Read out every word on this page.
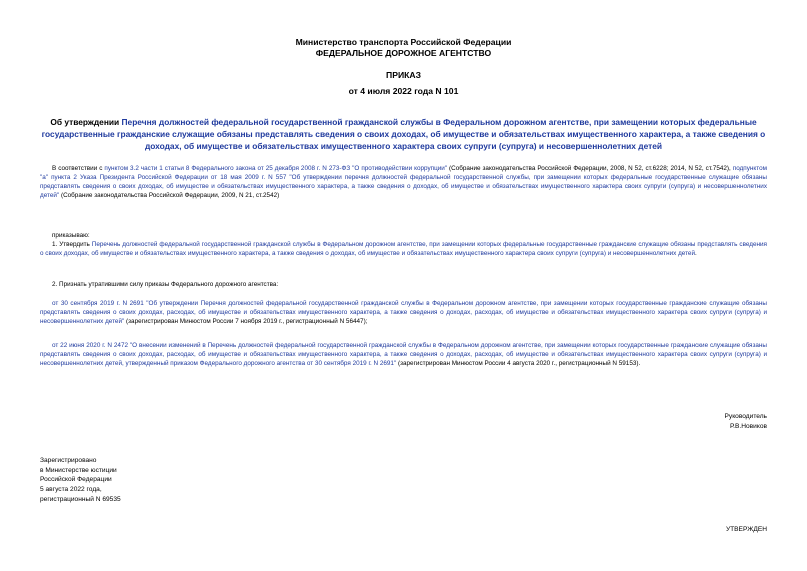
Министерство транспорта Российской Федерации
ФЕДЕРАЛЬНОЕ ДОРОЖНОЕ АГЕНТСТВО
ПРИКАЗ
от 4 июля 2022 года N 101
Об утверждении Перечня должностей федеральной государственной гражданской службы в Федеральном дорожном агентстве, при замещении которых федеральные государственные гражданские служащие обязаны представлять сведения о своих доходах, об имуществе и обязательствах имущественного характера, а также сведения о доходах, об имуществе и обязательствах имущественного характера своих супруги (супруга) и несовершеннолетних детей
В соответствии с пунктом 3.2 части 1 статьи 8 Федерального закона от 25 декабря 2008 г. N 273-ФЗ "О противодействии коррупции" (Собрание законодательства Российской Федерации, 2008, N 52, ст.6228; 2014, N 52, ст.7542), подпунктом "а" пункта 2 Указа Президента Российской Федерации от 18 мая 2009 г. N 557 "Об утверждении перечня должностей федеральной государственной службы, при замещении которых федеральные государственные служащие обязаны представлять сведения о своих доходах, об имуществе и обязательствах имущественного характера, а также сведения о доходах, об имуществе и обязательствах имущественного характера своих супруги (супруга) и несовершеннолетних детей" (Собрание законодательства Российской Федерации, 2009, N 21, ст.2542)
приказываю:
1. Утвердить Перечень должностей федеральной государственной гражданской службы в Федеральном дорожном агентстве, при замещении которых федеральные государственные гражданские служащие обязаны представлять сведения о своих доходах, об имуществе и обязательствах имущественного характера, а также сведения о доходах, об имуществе и обязательствах имущественного характера своих супруги (супруга) и несовершеннолетних детей.
2. Признать утратившими силу приказы Федерального дорожного агентства:
от 30 сентября 2019 г. N 2691 "Об утверждении Перечня должностей федеральной государственной гражданской службы в Федеральном дорожном агентстве, при замещении которых государственные гражданские служащие обязаны представлять сведения о своих доходах, расходах, об имуществе и обязательствах имущественного характера, а также сведения о доходах, расходах, об имуществе и обязательствах имущественного характера своих супруги (супруга) и несовершеннолетних детей" (зарегистрирован Минюстом России 7 ноября 2019 г., регистрационный N 56447);
от 22 июня 2020 г. N 2472 "О внесении изменений в Перечень должностей федеральной государственной гражданской службы в Федеральном дорожном агентстве, при замещении которых государственные гражданские служащие обязаны представлять сведения о своих доходах, расходах, об имуществе и обязательствах имущественного характера, а также сведения о доходах, расходах, об имуществе и обязательствах имущественного характера своих супруги (супруга) и несовершеннолетних детей, утвержденный приказом Федерального дорожного агентства от 30 сентября 2019 г. N 2691" (зарегистрирован Минюстом России 4 августа 2020 г., регистрационный N 59153).
Руководитель
Р.В.Новиков
Зарегистрировано
в Министерстве юстиции
Российской Федерации
5 августа 2022 года,
регистрационный N 69535
УТВЕРЖДЕН
